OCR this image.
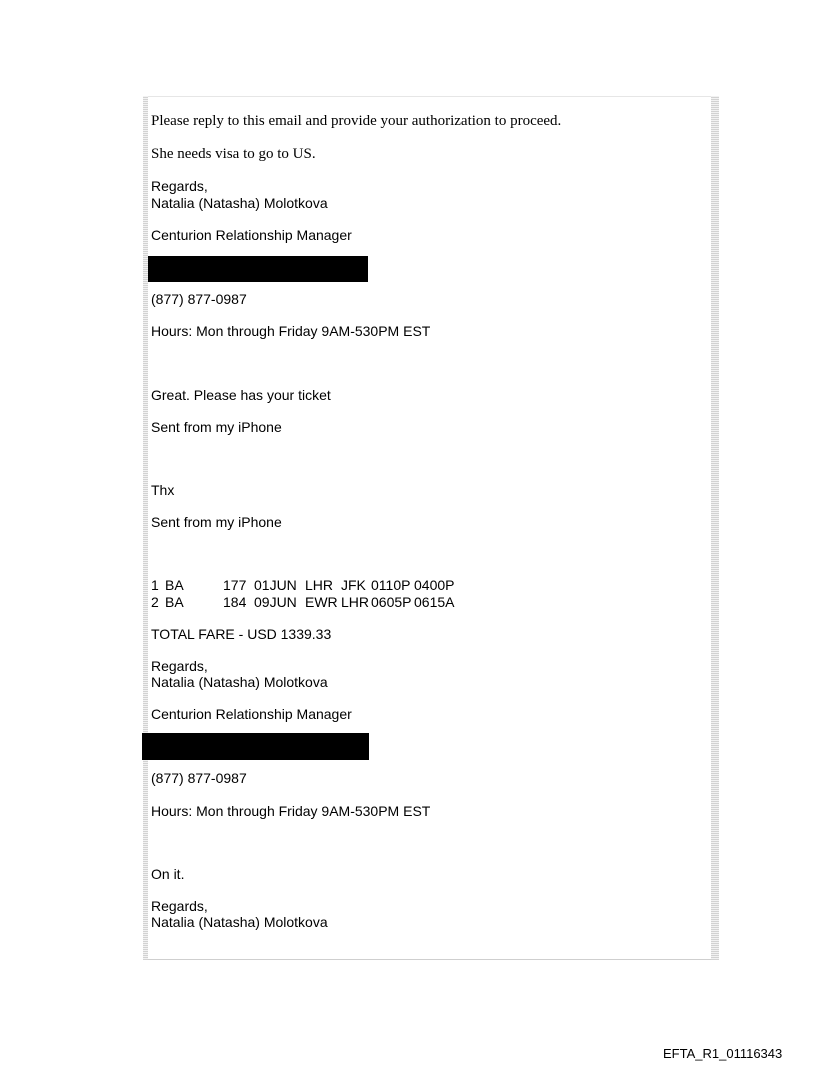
Please reply to this email and provide your authorization to proceed.
She needs visa to go to US.
Regards,
Natalia (Natasha) Molotkova
Centurion Relationship Manager
(877) 877-0987
Hours: Mon through Friday 9AM-530PM EST
Great. Please has your ticket
Sent from my iPhone
Thx
Sent from my iPhone
1 BA	177 01JUN LHR JFK 0110P 0400P
2 BA	184 09JUN EWR LHR 0605P 0615A
TOTAL FARE - USD 1339.33
Regards,
Natalia (Natasha) Molotkova
Centurion Relationship Manager
(877) 877-0987
Hours: Mon through Friday 9AM-530PM EST
On it.
Regards,
Natalia (Natasha) Molotkova
EFTA_R1_01116343
